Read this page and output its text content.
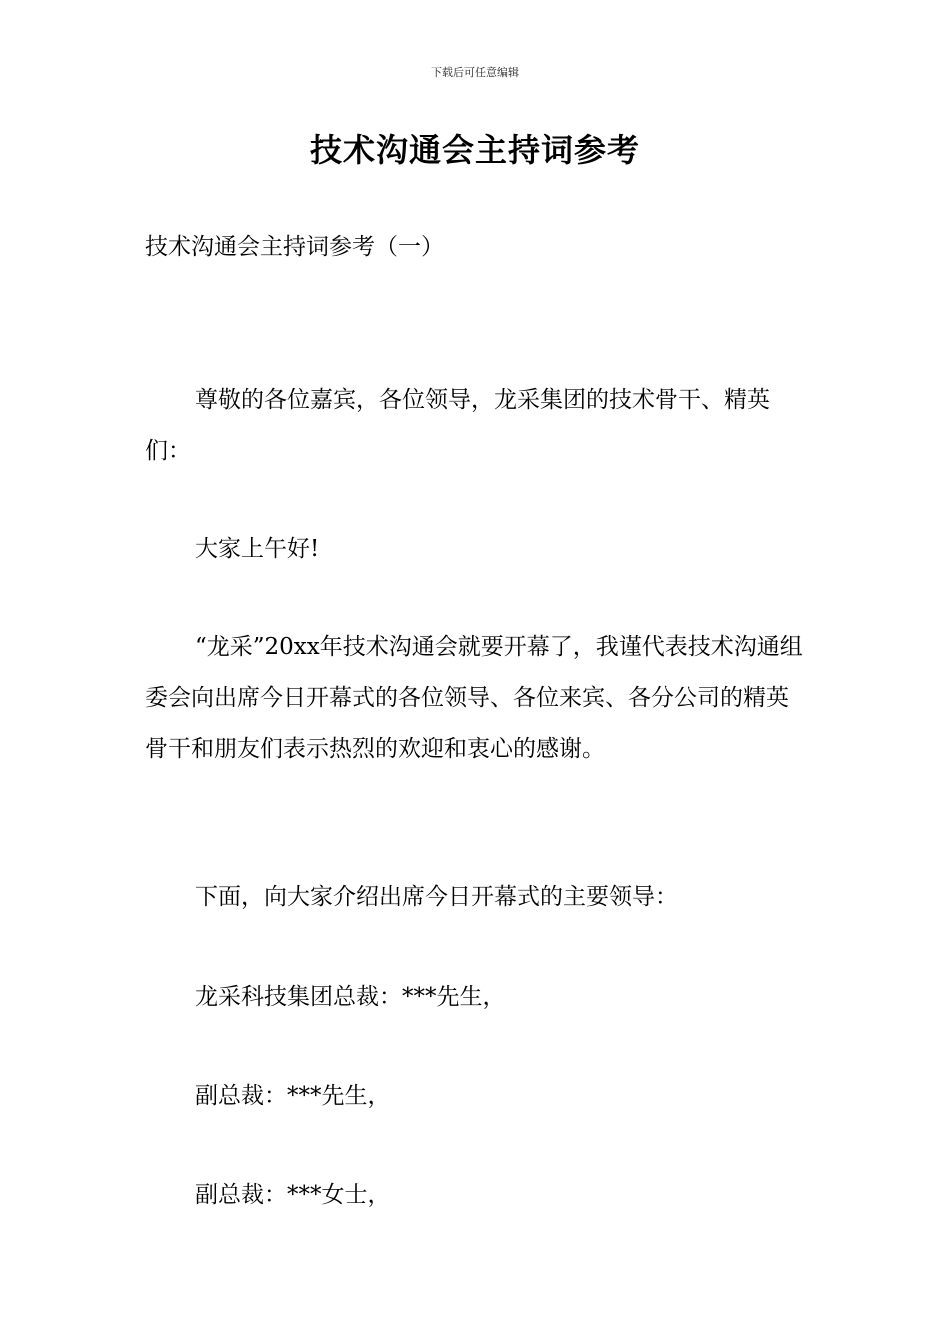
下载后可任意编辑
技术沟通会主持词参考

技术沟通会主持词参考（一）

尊敬的各位嘉宾，各位领导，龙采集团的技术骨干、精英们：

大家上午好!

“龙采”20xx年技术沟通会就要开幕了，我谨代表技术沟通组委会向出席今日开幕式的各位领导、各位来宾、各分公司的精英骨干和朋友们表示热烈的欢迎和衷心的感谢。

下面，向大家介绍出席今日开幕式的主要领导：

龙采科技集团总裁：***先生，

副总裁：***先生，

副总裁：***女士，
